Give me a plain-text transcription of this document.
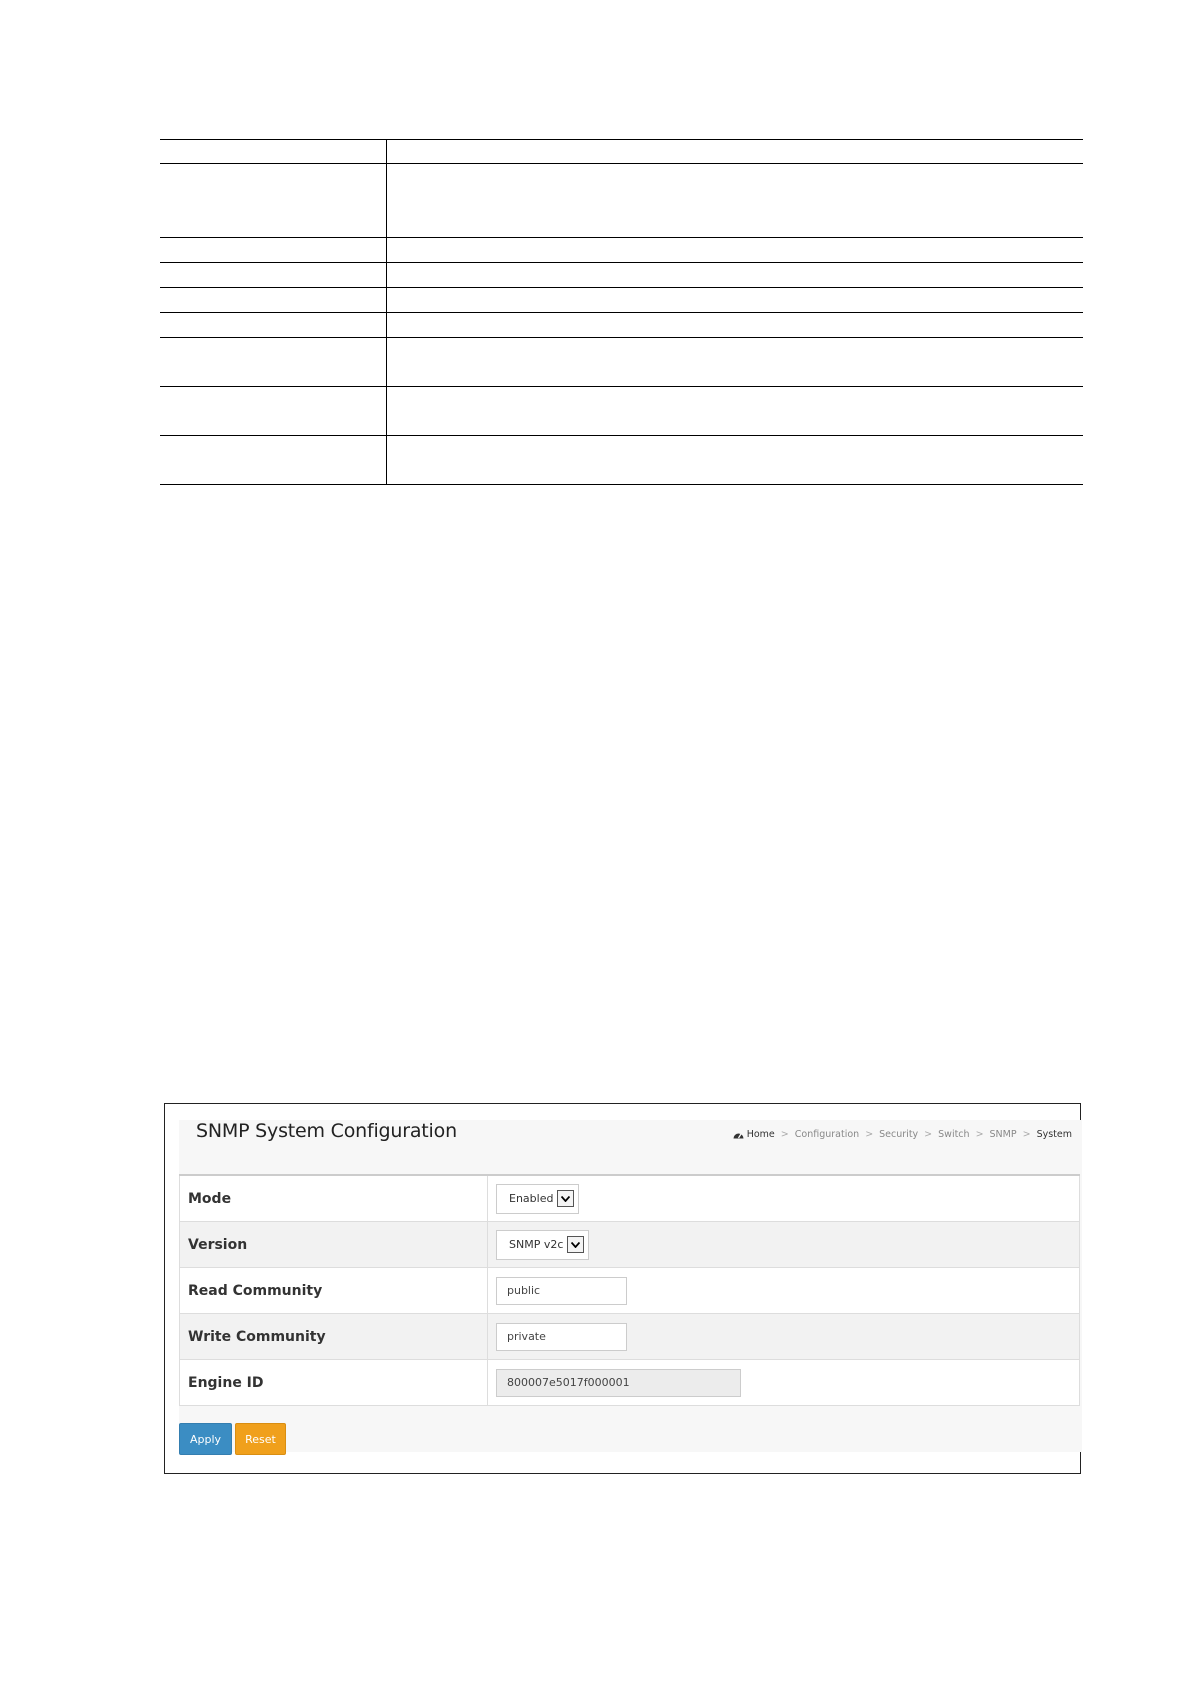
SNMP System Configuration	Home > Configuration > Security > Switch > SNMP > System
Mode	Enabled

Version	SNMP v2c

Read Community	public
Write Community	private
Engine ID	800007e5017f000001
Apply	Reset
